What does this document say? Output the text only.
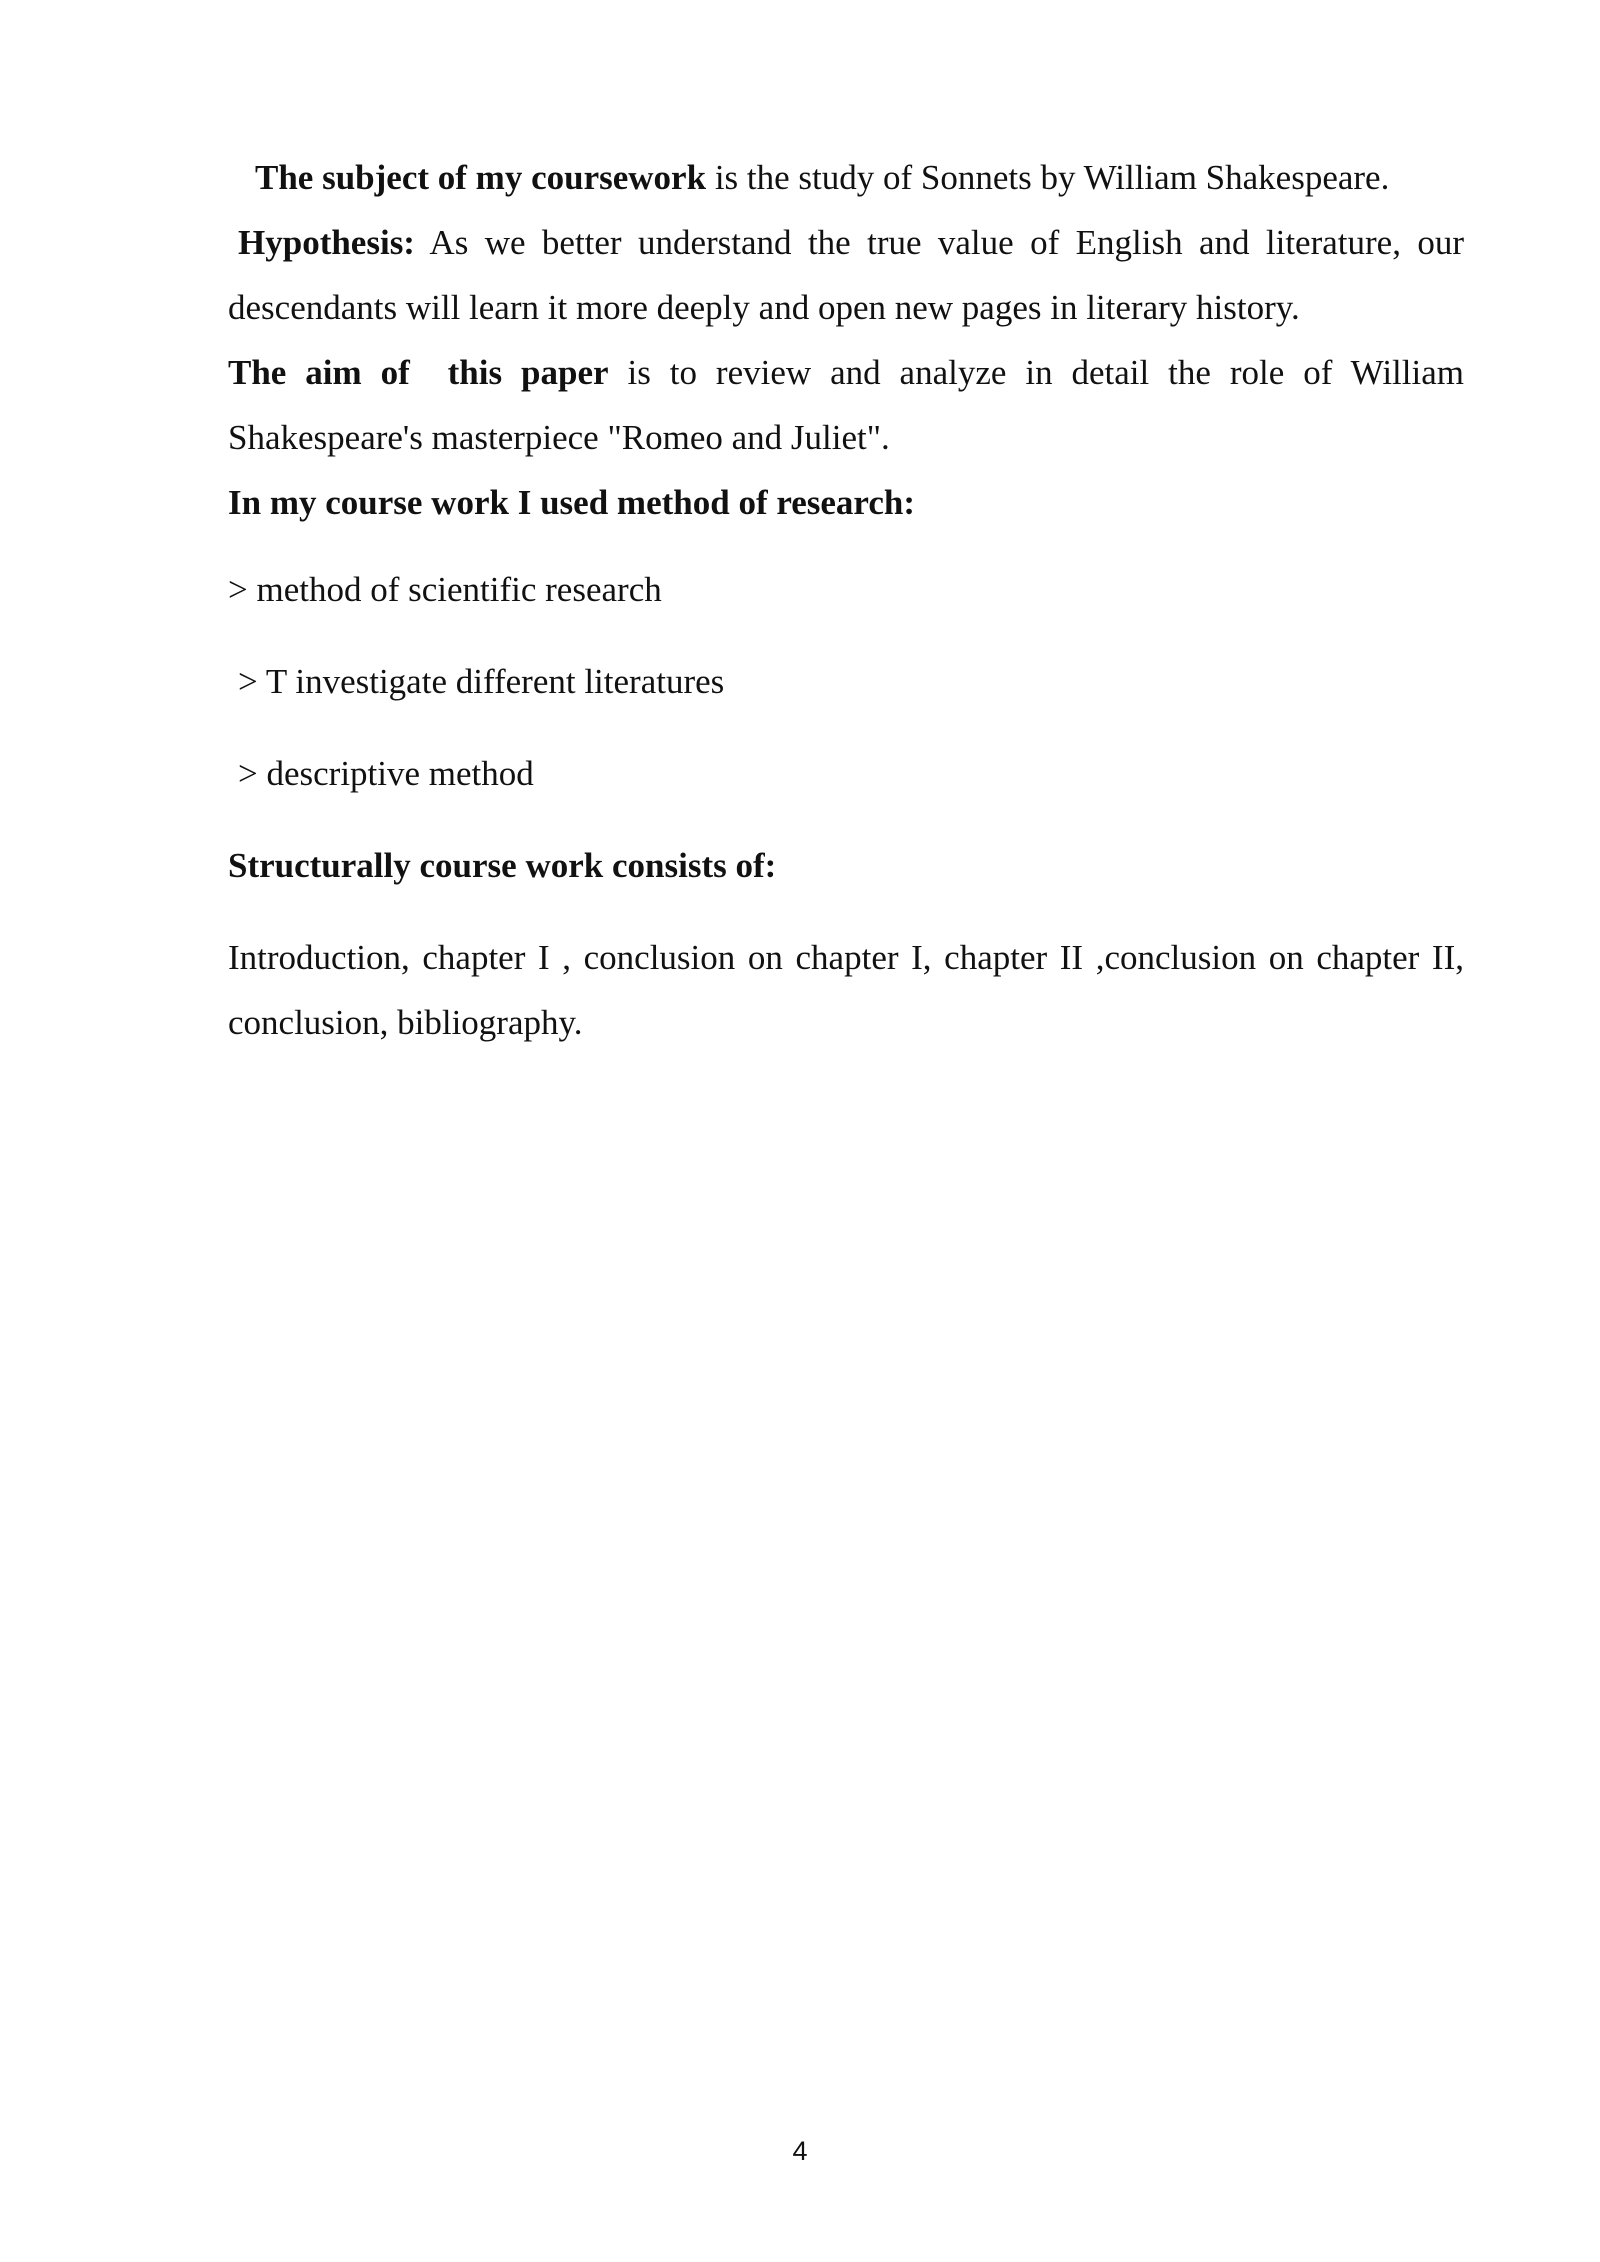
The subject of my coursework is the study of Sonnets by William Shakespeare.

Hypothesis: As we better understand the true value of English and literature, our descendants will learn it more deeply and open new pages in literary history.

The aim of  this paper is to review and analyze in detail the role of William Shakespeare's masterpiece "Romeo and Juliet".

In my course work I used method of research:

> method of scientific research

> T investigate different literatures

> descriptive method

Structurally course work consists of:

Introduction, chapter I , conclusion on chapter I, chapter II ,conclusion on chapter II, conclusion, bibliography.

4
